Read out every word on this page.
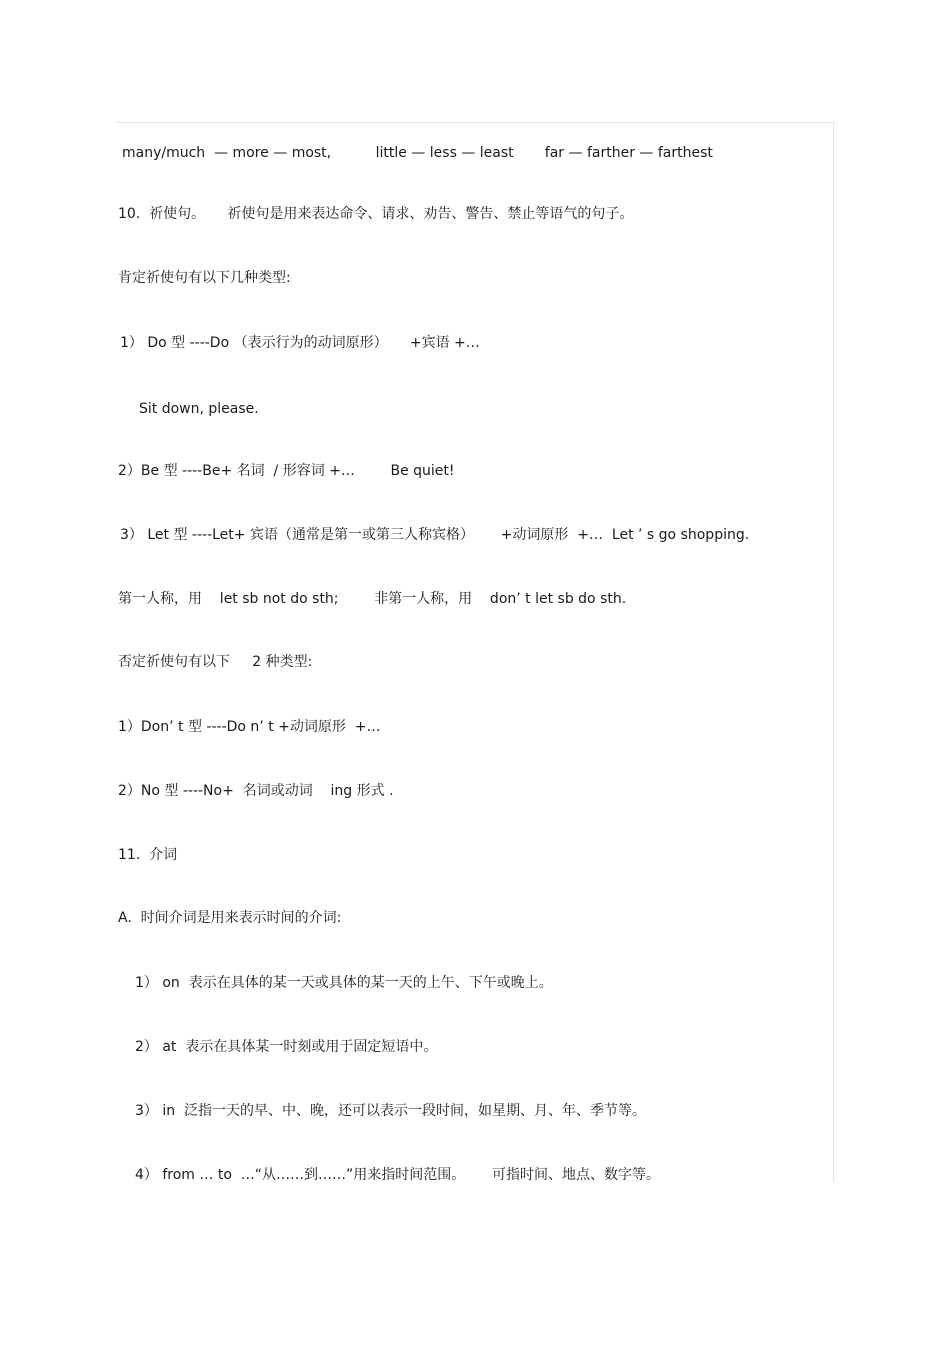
many/much  — more — most,          little — less — least       far — farther — farthest
10.  祈使句。     祈使句是用来表达命令、请求、劝告、警告、禁止等语气的句子。
肯定祈使句有以下几种类型:
1） Do 型 ----Do （表示行为的动词原形）     +宾语 +…
Sit down, please.
2）Be 型 ----Be+ 名词  / 形容词 +…        Be quiet!
3） Let 型 ----Let+ 宾语（通常是第一或第三人称宾格）      +动词原形  +…  Let ’ s go shopping.
第一人称，用    let sb not do sth;        非第一人称，用    don’ t let sb do sth.
否定祈使句有以下     2 种类型:
1）Don’ t 型 ----Do n’ t +动词原形  +…
2）No 型 ----No+  名词或动词    ing 形式 .
11.  介词
A.  时间介词是用来表示时间的介词:
1） on  表示在具体的某一天或具体的某一天的上午、下午或晚上。
2） at  表示在具体某一时刻或用于固定短语中。
3） in  泛指一天的早、中、晚，还可以表示一段时间，如星期、月、年、季节等。
4） from … to  …“从……到……”用来指时间范围。      可指时间、地点、数字等。
